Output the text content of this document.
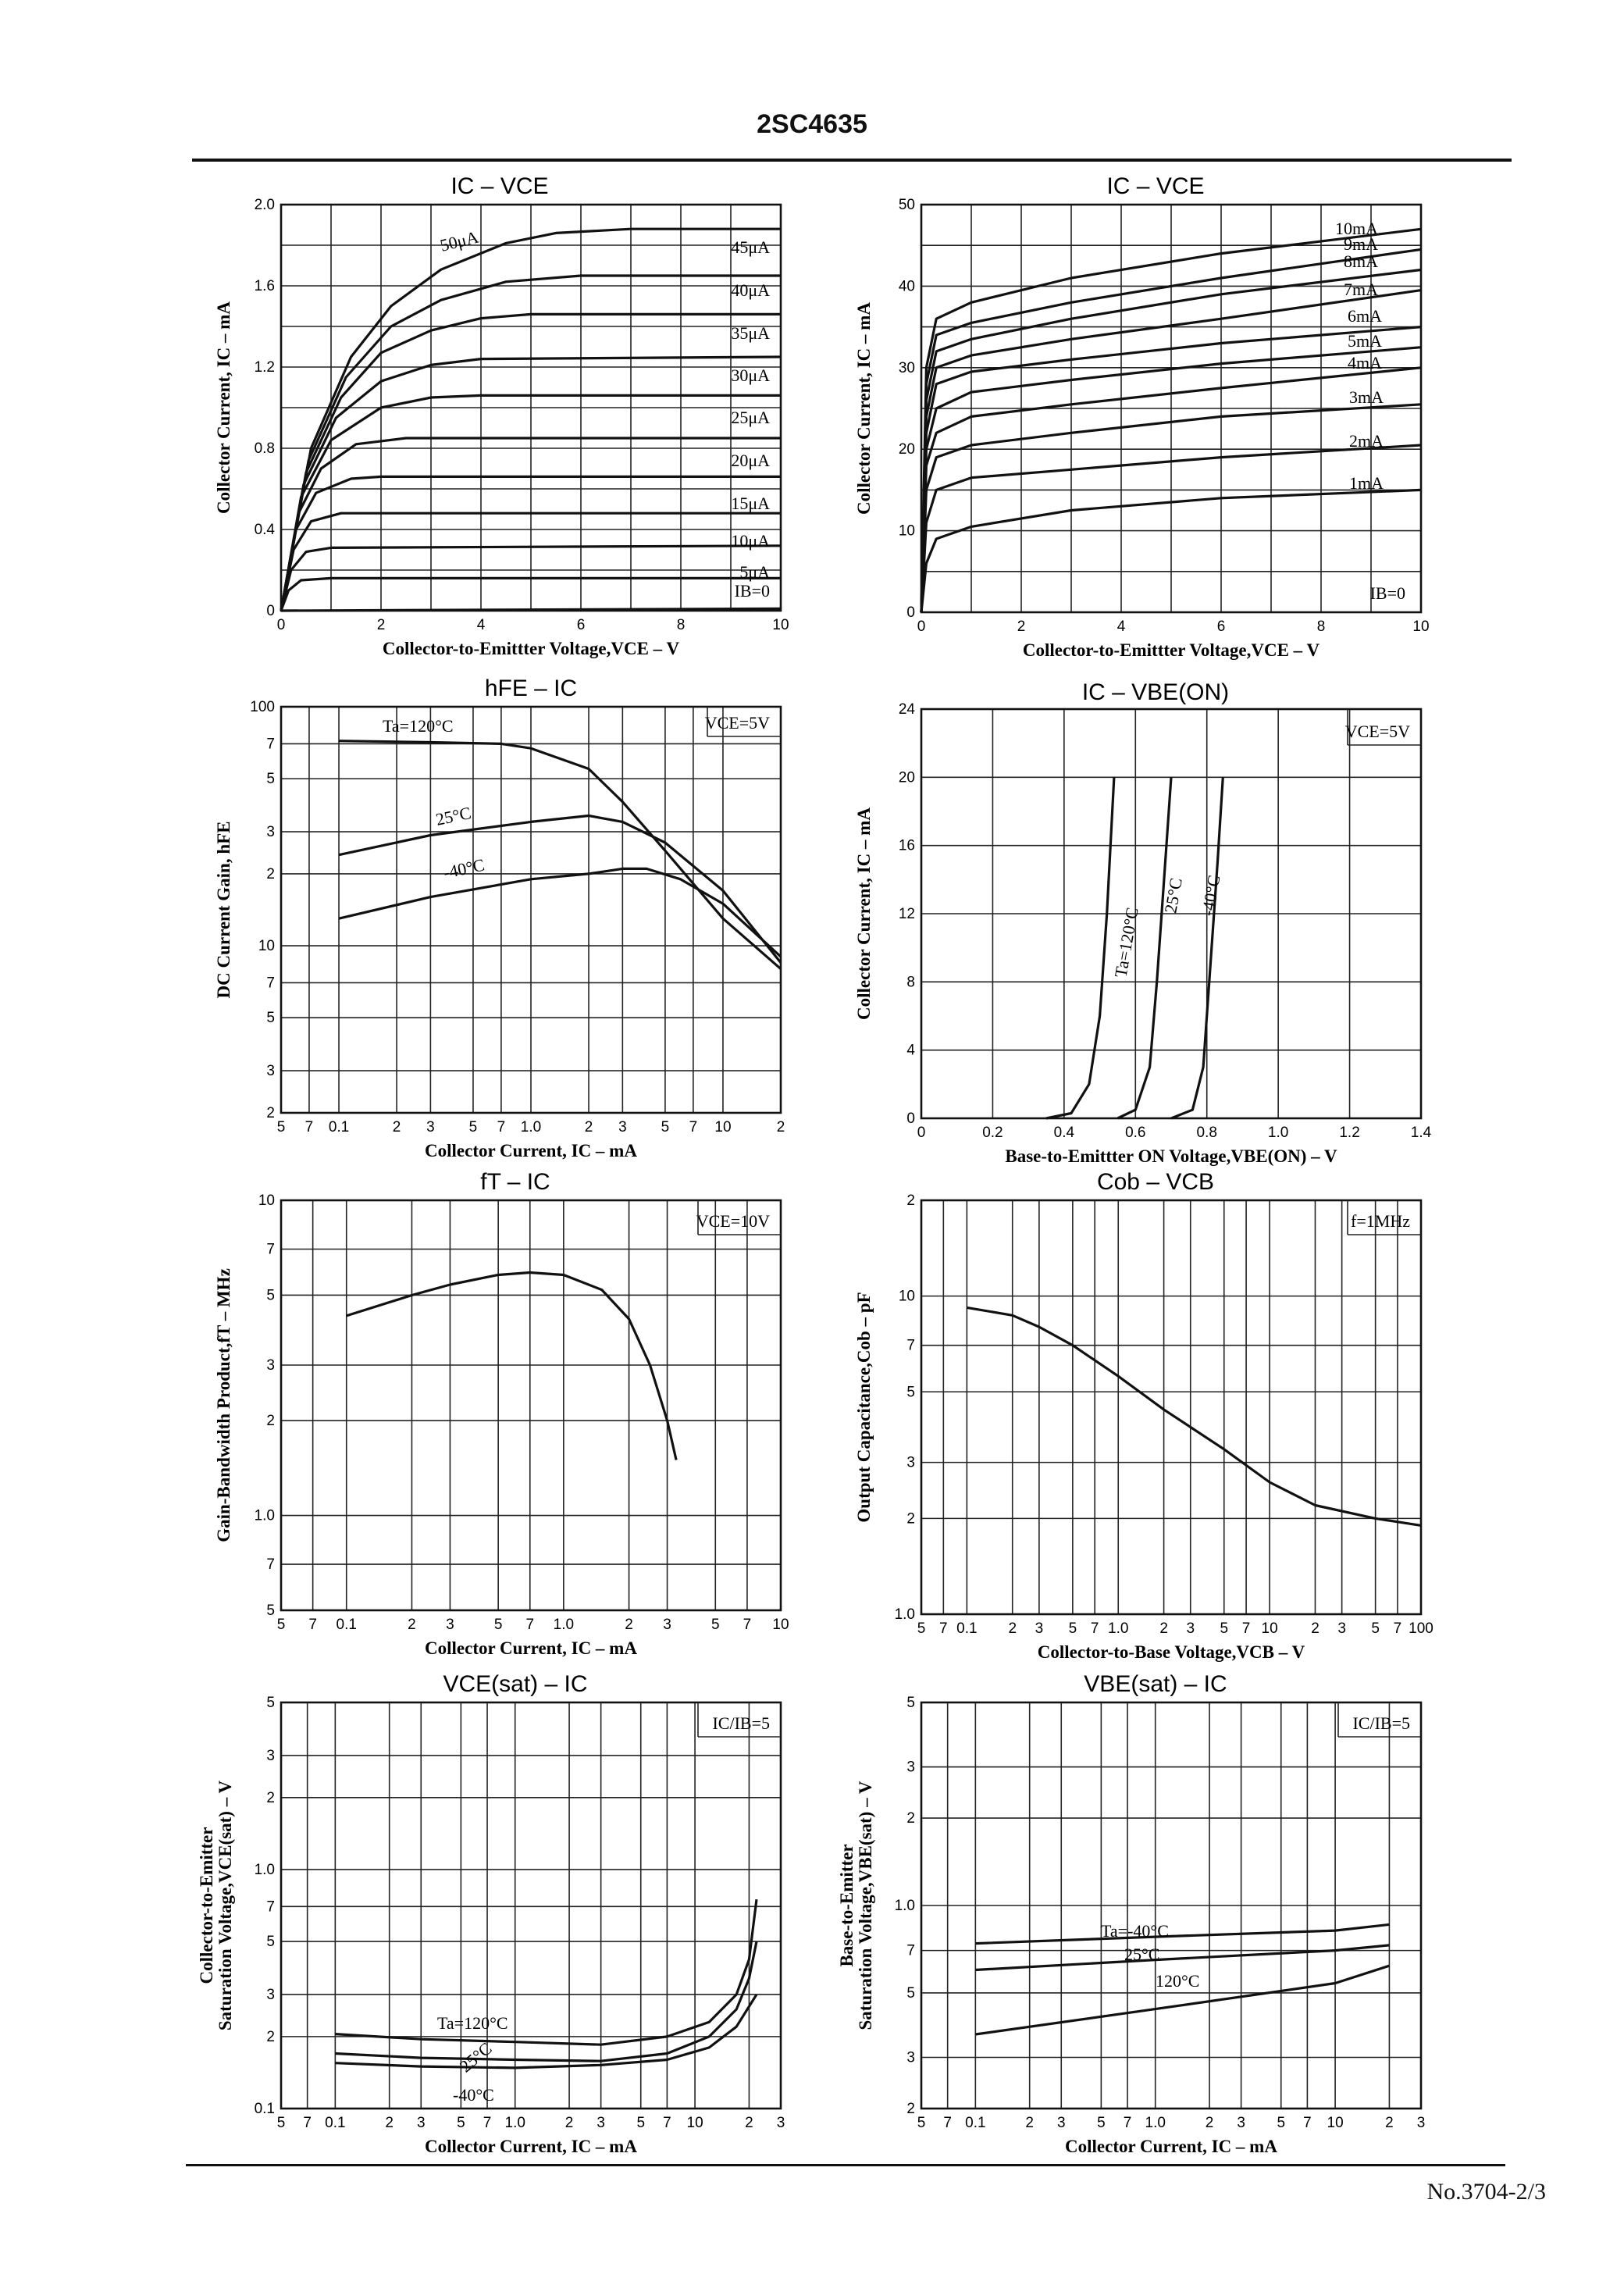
2SC4635
No.3704-2/3
0	2	4	6	8	10
0
0.4
0.8
1.2
1.6
2.0
IC – VCE
Collector-to-Emittter Voltage,VCE – V
Collector Current, IC – mA
50μA	45μA
40μA
35μA
30μA
25μA
20μA
15μA
10μA
5μA
IB=0
0	2	4	6	8	10
0
10
20
30
40
50
IC – VCE
Collector-to-Emittter Voltage,VCE – V
Collector Current, IC – mA
10mA
9mA
8mA
7mA
6mA
5mA
4mA
3mA
2mA
1mA
IB=0
5 7 0.1	2 3 5 7 1.0	2 3 5 7 10	2
2
3
5
7
10
2
3
5
7
100
hFE – IC
Collector Current, IC – mA
DC Current Gain, hFE
Ta=120°C
25°C
-40°C
VCE=5V
0	0.2	0.4	0.6	0.8	1.0	1.2	1.4
0
4
8
12
16
20
24
IC – VBE(ON)
Base-to-Emittter ON Voltage,VBE(ON) – V
Collector Current, IC – mA	Ta=120°C
25°C -40°C
VCE=5V
5 7 0.1	2 3	5 7 1.0	2 3	5 7 10
5
7
1.0
2
3
5
7
10
fT – IC
Collector Current, IC – mA
Gain-Bandwidth Product,fT – MHz
VCE=10V
5 7 0.1 2 3 5 7 1.0 2 3 5 7 10 2 3 5 7 100
1.0
2
3
5
7
10
2
Cob – VCB
Collector-to-Base Voltage,VCB – V
Output Capacitance,Cob – pF
f=1MHz
5 7 0.1	2 3 5 7 1.0	2 3 5 7 10	2 3
0.1
2
3
5
7
1.0
2
3
5
VCE(sat) – IC
Collector Current, IC – mA
Collector-to-Emitter Saturation Voltage,VCE(sat) – V	Ta=120°C
25°C
-40°C
IC/IB=5
5 7 0.1	2 3 5 7 1.0	2 3 5 7 10	2 3
2
3
5
7
1.0
2
3
5
VBE(sat) – IC
Collector Current, IC – mA
Base-to-Emitter Saturation Voltage,VBE(sat) – V	Ta=-40°C
25°C
120°C
IC/IB=5
